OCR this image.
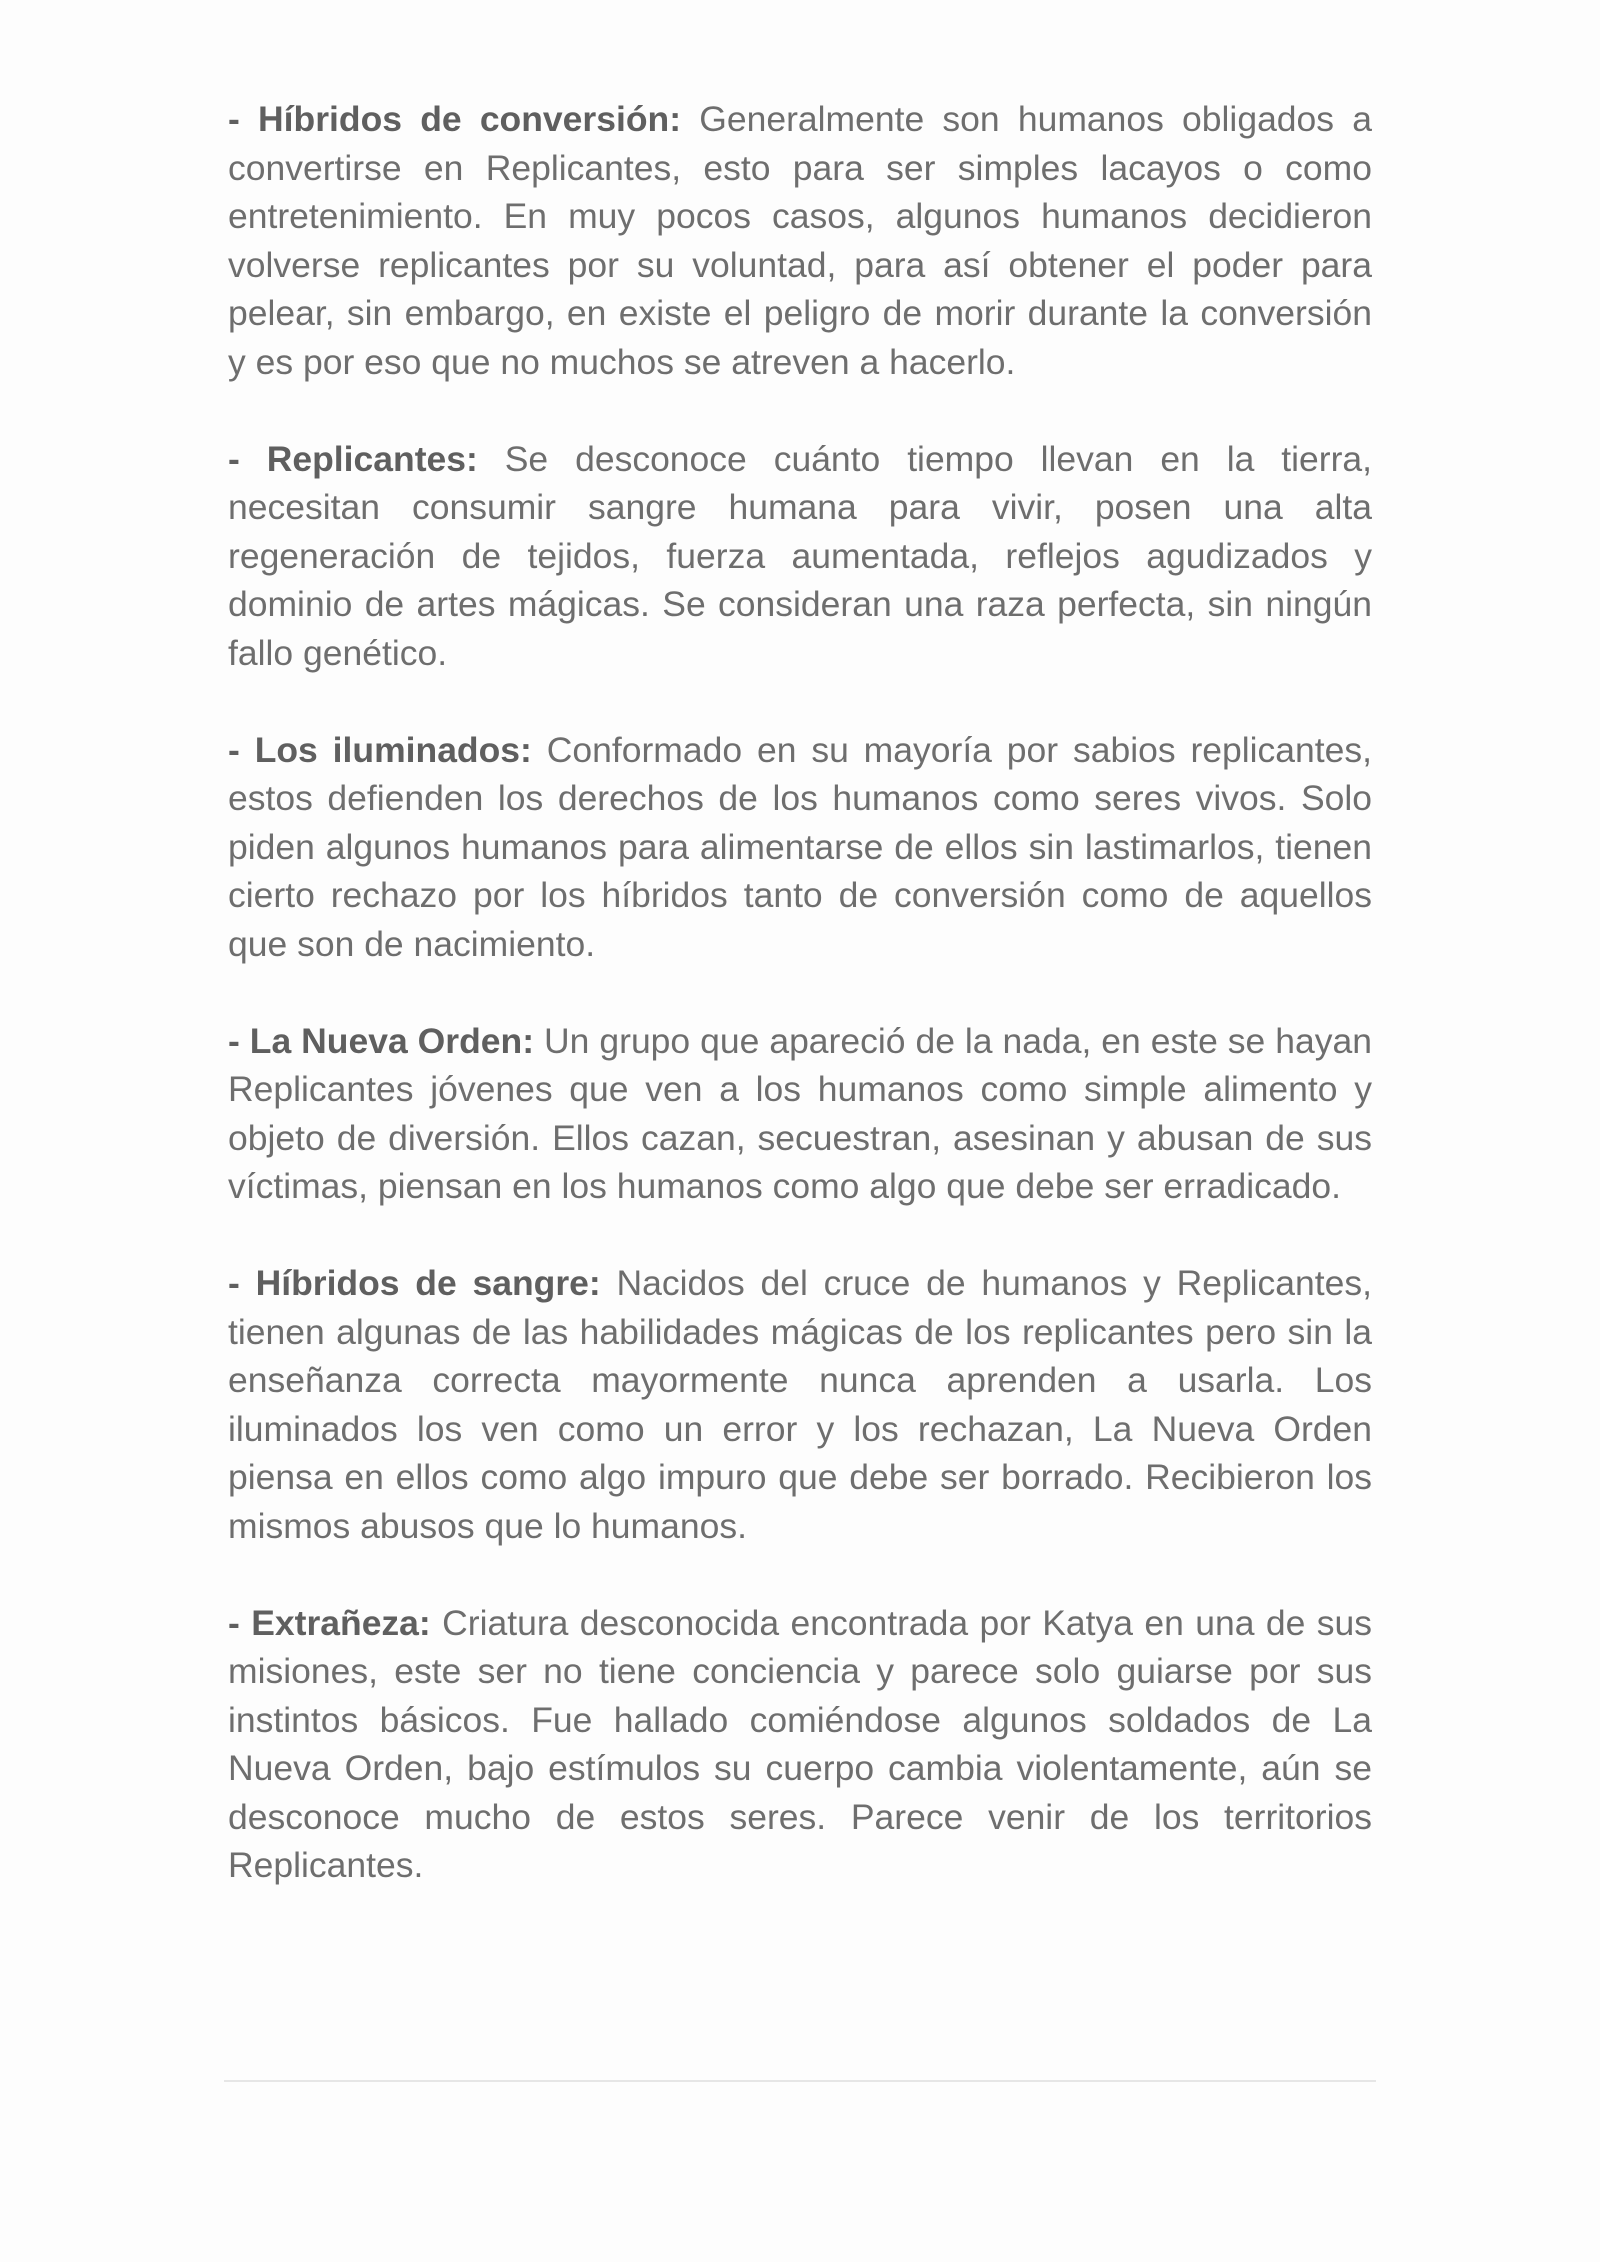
- Híbridos de conversión: Generalmente son humanos obligados a convertirse en Replicantes, esto para ser simples lacayos o como entretenimiento. En muy pocos casos, algunos humanos decidieron volverse replicantes por su voluntad, para así obtener el poder para pelear, sin embargo, en existe el peligro de morir durante la conversión y es por eso que no muchos se atreven a hacerlo.

- Replicantes: Se desconoce cuánto tiempo llevan en la tierra, necesitan consumir sangre humana para vivir, posen una alta regeneración de tejidos, fuerza aumentada, reflejos agudizados y dominio de artes mágicas. Se consideran una raza perfecta, sin ningún fallo genético.

- Los iluminados: Conformado en su mayoría por sabios replicantes, estos defienden los derechos de los humanos como seres vivos. Solo piden algunos humanos para alimentarse de ellos sin lastimarlos, tienen cierto rechazo por los híbridos tanto de conversión como de aquellos que son de nacimiento.

- La Nueva Orden: Un grupo que apareció de la nada, en este se hayan Replicantes jóvenes que ven a los humanos como simple alimento y objeto de diversión. Ellos cazan, secuestran, asesinan y abusan de sus víctimas, piensan en los humanos como algo que debe ser erradicado.

- Híbridos de sangre: Nacidos del cruce de humanos y Replicantes, tienen algunas de las habilidades mágicas de los replicantes pero sin la enseñanza correcta mayormente nunca aprenden a usarla. Los iluminados los ven como un error y los rechazan, La Nueva Orden piensa en ellos como algo impuro que debe ser borrado. Recibieron los mismos abusos que lo humanos.

- Extrañeza: Criatura desconocida encontrada por Katya en una de sus misiones, este ser no tiene conciencia y parece solo guiarse por sus instintos básicos. Fue hallado comiéndose algunos soldados de La Nueva Orden, bajo estímulos su cuerpo cambia violentamente, aún se desconoce mucho de estos seres. Parece venir de los territorios Replicantes.
